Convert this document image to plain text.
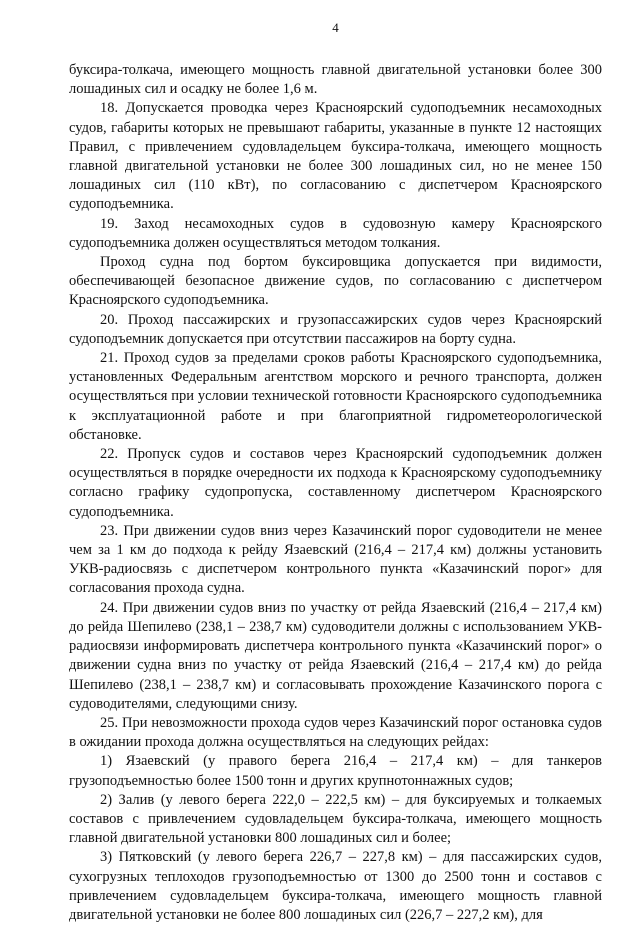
4

буксира-толкача, имеющего мощность главной двигательной установки более 300 лошадиных сил и осадку не более 1,6 м.

18. Допускается проводка через Красноярский судоподъемник несамоходных судов, габариты которых не превышают габариты, указанные в пункте 12 настоящих Правил, с привлечением судовладельцем буксира-толкача, имеющего мощность главной двигательной установки не более 300 лошадиных сил, но не менее 150 лошадиных сил (110 кВт), по согласованию с диспетчером Красноярского судоподъемника.

19. Заход несамоходных судов в судовозную камеру Красноярского судоподъемника должен осуществляться методом толкания.

Проход судна под бортом буксировщика допускается при видимости, обеспечивающей безопасное движение судов, по согласованию с диспетчером Красноярского судоподъемника.

20. Проход пассажирских и грузопассажирских судов через Красноярский судоподъемник допускается при отсутствии пассажиров на борту судна.

21. Проход судов за пределами сроков работы Красноярского судоподъемника, установленных Федеральным агентством морского и речного транспорта, должен осуществляться при условии технической готовности Красноярского судоподъемника к эксплуатационной работе и при благоприятной гидрометеорологической обстановке.

22. Пропуск судов и составов через Красноярский судоподъемник должен осуществляться в порядке очередности их подхода к Красноярскому судоподъемнику согласно графику судопропуска, составленному диспетчером Красноярского судоподъемника.

23. При движении судов вниз через Казачинский порог судоводители не менее чем за 1 км до подхода к рейду Язаевский (216,4 – 217,4 км) должны установить УКВ-радиосвязь с диспетчером контрольного пункта «Казачинский порог» для согласования прохода судна.

24. При движении судов вниз по участку от рейда Язаевский (216,4 – 217,4 км) до рейда Шепилево (238,1 – 238,7 км) судоводители должны с использованием УКВ-радиосвязи информировать диспетчера контрольного пункта «Казачинский порог» о движении судна вниз по участку от рейда Язаевский (216,4 – 217,4 км) до рейда Шепилево (238,1 – 238,7 км) и согласовывать прохождение Казачинского порога с судоводителями, следующими снизу.

25. При невозможности прохода судов через Казачинский порог остановка судов в ожидании прохода должна осуществляться на следующих рейдах:

1) Язаевский (у правого берега 216,4 – 217,4 км) – для танкеров грузоподъемностью более 1500 тонн и других крупнотоннажных судов;

2) Залив (у левого берега 222,0 – 222,5 км) – для буксируемых и толкаемых составов с привлечением судовладельцем буксира-толкача, имеющего мощность главной двигательной установки 800 лошадиных сил и более;

3) Пятковский (у левого берега 226,7 – 227,8 км) – для пассажирских судов, сухогрузных теплоходов грузоподъемностью от 1300 до 2500 тонн и составов с привлечением судовладельцем буксира-толкача, имеющего мощность главной двигательной установки не более 800 лошадиных сил (226,7 – 227,2 км), для
